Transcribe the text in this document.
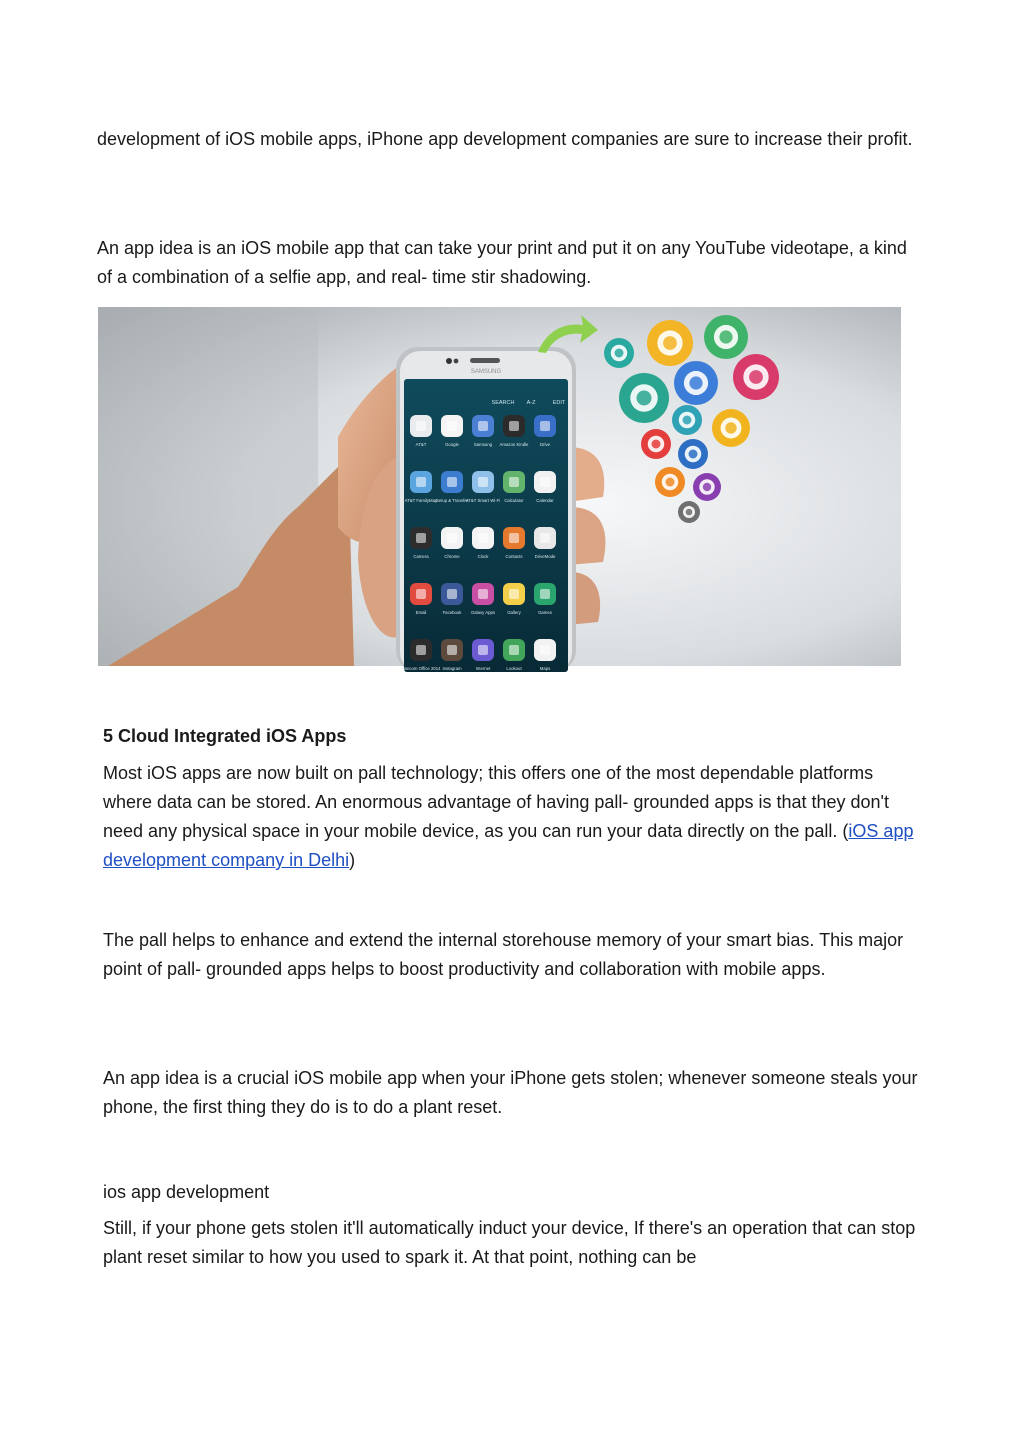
development of iOS mobile apps, iPhone app development companies are sure to increase their profit.

An app idea is an iOS mobile app that can take your print and put it on any YouTube videotape, a kind of a combination of a selfie app, and real- time stir shadowing.

SAMSUNG
SEARCH A-Z	EDIT
AT&T	Google	Samsung Amazon Kindle	Drive
AT&T FamilyMap
Setup & Transfer
AT&T Smart Wi-Fi Calculator	Calendar
Camera	Chrome	Clock	Contacts	DriveMode
Email	Facebook Galaxy Apps	Gallery	Games
Hancom Office 2014 Instagram	Internet	Lookout	Maps
5 Cloud Integrated iOS Apps

Most iOS apps are now built on pall technology; this offers one of the most dependable platforms where data can be stored. An enormous advantage of having pall- grounded apps is that they don't need any physical space in your mobile device, as you can run your data directly on the pall. (iOS app development company in Delhi)

The pall helps to enhance and extend the internal storehouse memory of your smart bias. This major point of pall- grounded apps helps to boost productivity and collaboration with mobile apps.

An app idea is a crucial iOS mobile app when your iPhone gets stolen; whenever someone steals your phone, the first thing they do is to do a plant reset.

ios app development

Still, if your phone gets stolen it'll automatically induct your device, If there's an operation that can stop plant reset similar to how you used to spark it. At that point, nothing can be
